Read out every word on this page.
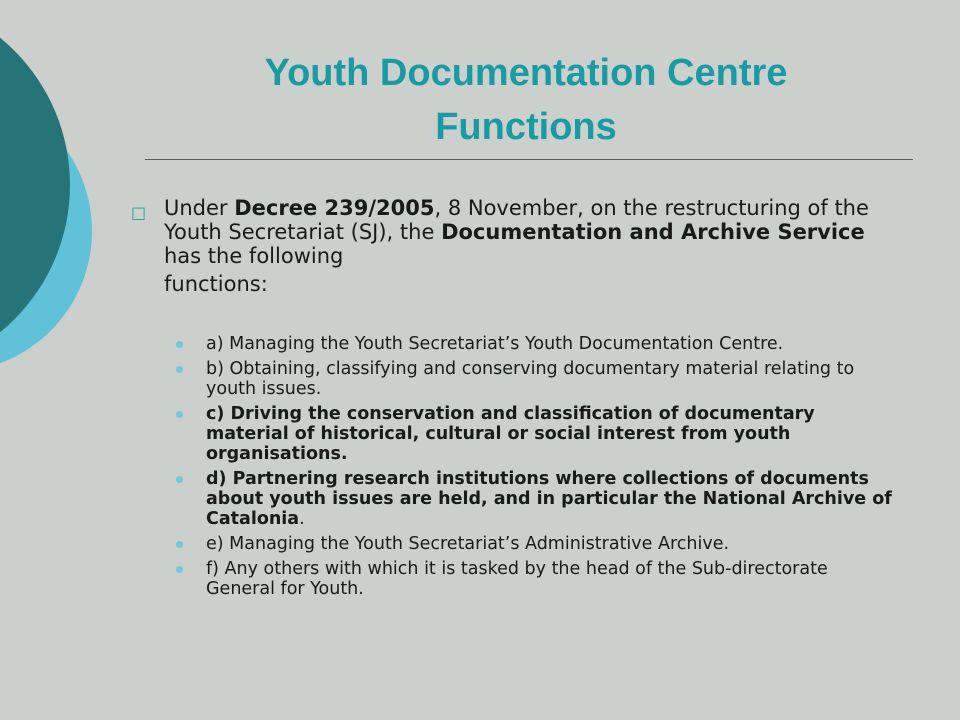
Youth Documentation Centre
Functions
□ Under Decree 239/2005, 8 November, on the restructuring of the Youth Secretariat (SJ), the Documentation and Archive Service has the following
functions:
a) Managing the Youth Secretariat’s Youth Documentation Centre.
b) Obtaining, classifying and conserving documentary material relating to youth issues.
c) Driving the conservation and classification of documentary material of historical, cultural or social interest from youth organisations.
d) Partnering research institutions where collections of documents about youth issues are held, and in particular the National Archive of Catalonia.
e) Managing the Youth Secretariat’s Administrative Archive.
f) Any others with which it is tasked by the head of the Sub-directorate General for Youth.
